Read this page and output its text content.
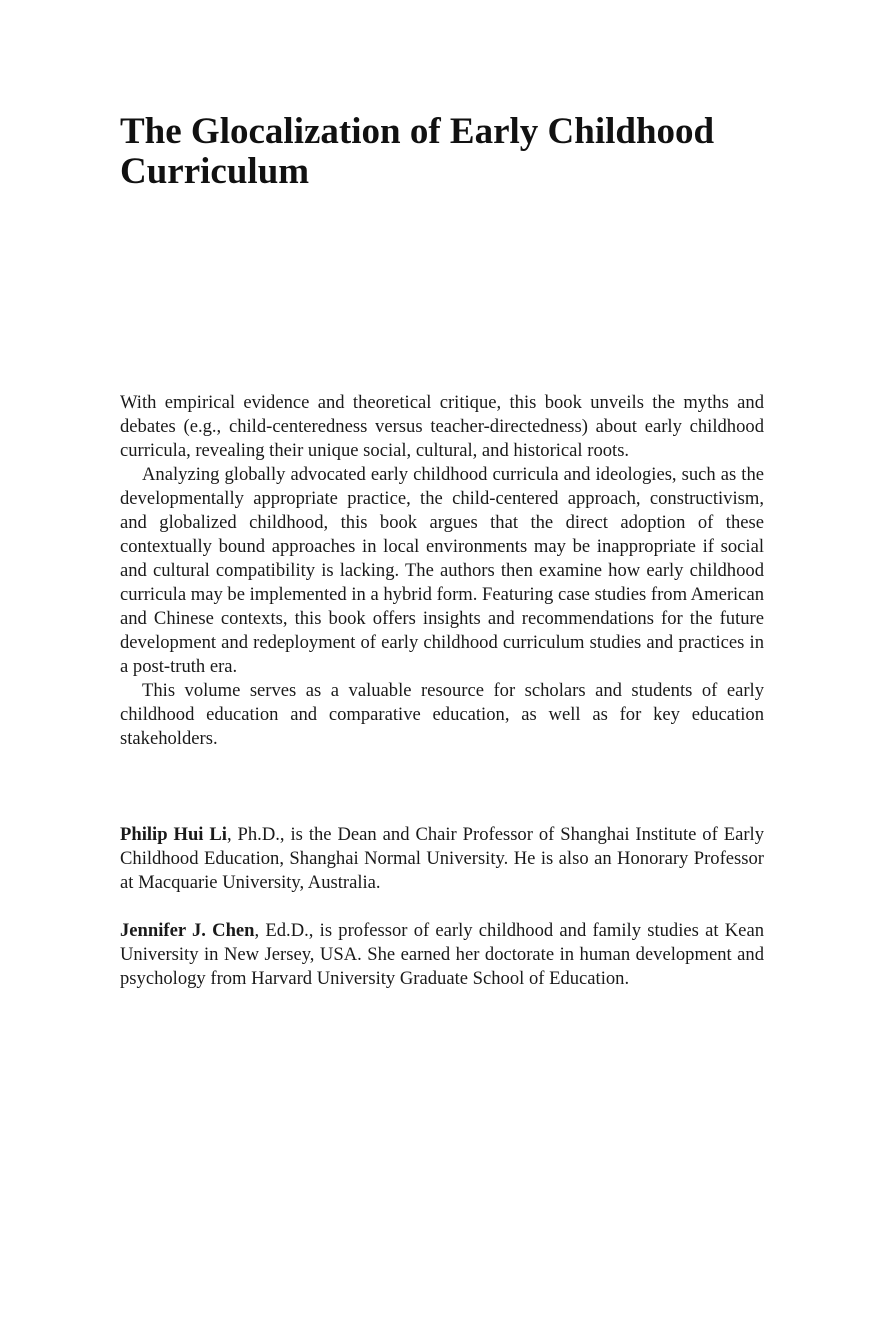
The Glocalization of Early Childhood Curriculum

With empirical evidence and theoretical critique, this book unveils the myths and debates (e.g., child-centeredness versus teacher-directedness) about early childhood curricula, revealing their unique social, cultural, and historical roots.

Analyzing globally advocated early childhood curricula and ideologies, such as the developmentally appropriate practice, the child-centered approach, constructivism, and globalized childhood, this book argues that the direct adoption of these contextually bound approaches in local environments may be inappropriate if social and cultural compatibility is lacking. The authors then examine how early childhood curricula may be implemented in a hybrid form. Featuring case studies from American and Chinese contexts, this book offers insights and recommendations for the future development and redeployment of early childhood curriculum studies and practices in a post-truth era.

This volume serves as a valuable resource for scholars and students of early childhood education and comparative education, as well as for key education stakeholders.

Philip Hui Li, Ph.D., is the Dean and Chair Professor of Shanghai Institute of Early Childhood Education, Shanghai Normal University. He is also an Honorary Professor at Macquarie University, Australia.

Jennifer J. Chen, Ed.D., is professor of early childhood and family studies at Kean University in New Jersey, USA. She earned her doctorate in human development and psychology from Harvard University Graduate School of Education.
